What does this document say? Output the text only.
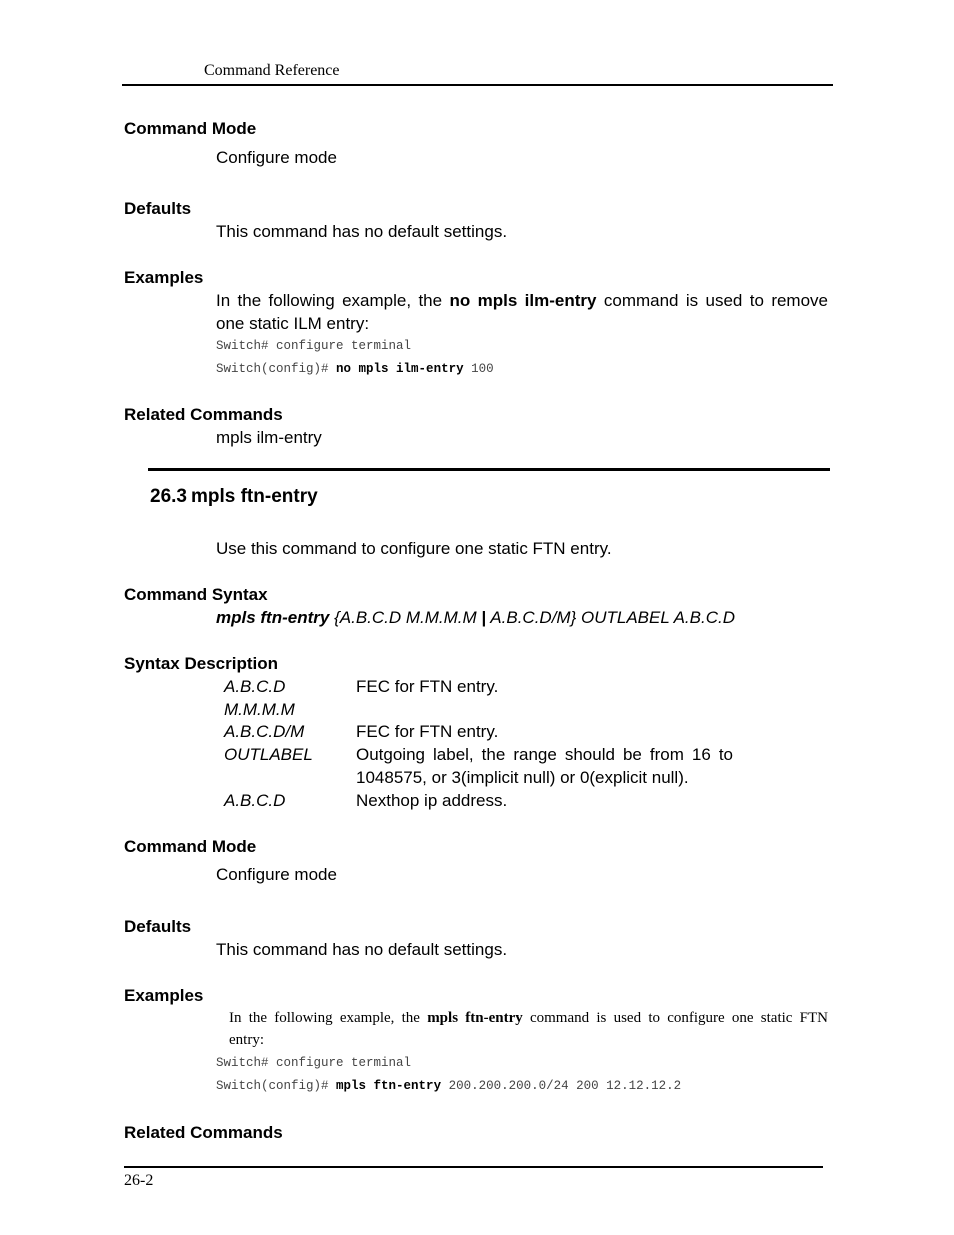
Command Reference
Command Mode
Configure mode
Defaults
This command has no default settings.
Examples
In the following example, the no mpls ilm-entry command is used to remove
one static ILM entry:
Switch# configure terminal
Switch(config)# no mpls ilm-entry 100
Related Commands
mpls ilm-entry
26.3 mpls ftn-entry
Use this command to configure one static FTN entry.
Command Syntax
mpls ftn-entry {A.B.C.D M.M.M.M | A.B.C.D/M} OUTLABEL A.B.C.D
Syntax Description
A.B.C.D	FEC for FTN entry.
M.M.M.M
A.B.C.D/M	FEC for FTN entry.
OUTLABEL	Outgoing label, the range should be from 16 to
1048575, or 3(implicit null) or 0(explicit null).
A.B.C.D	Nexthop ip address.
Command Mode
Configure mode
Defaults
This command has no default settings.
Examples
In the following example, the mpls ftn-entry command is used to configure one static FTN
entry:
Switch# configure terminal
Switch(config)# mpls ftn-entry 200.200.200.0/24 200 12.12.12.2
Related Commands
26-2
